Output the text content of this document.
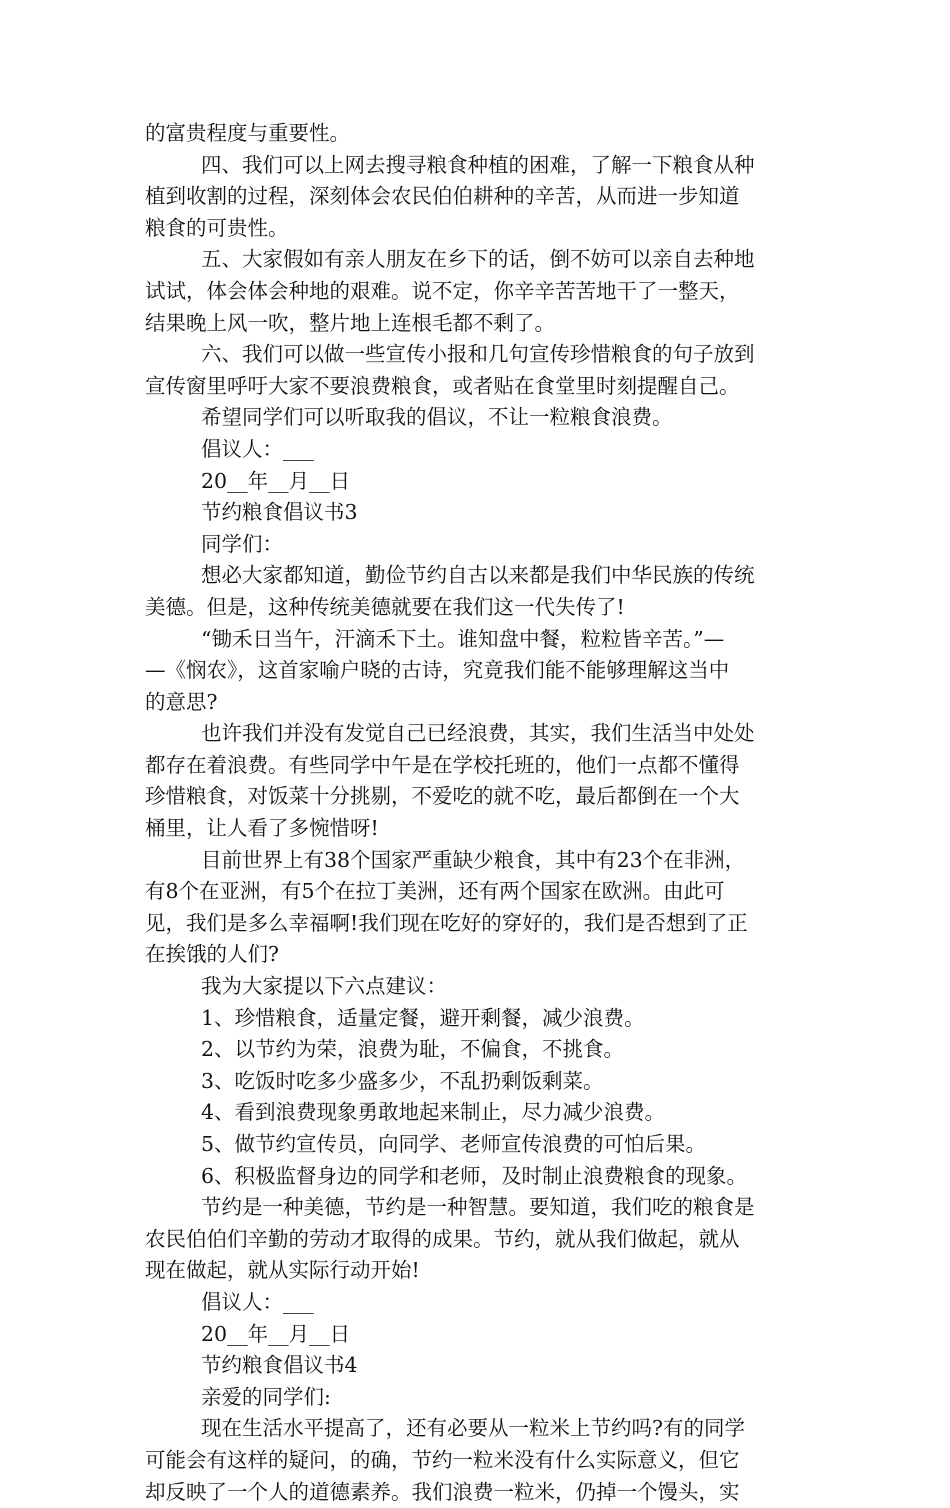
的富贵程度与重要性。
四、我们可以上网去搜寻粮食种植的困难，了解一下粮食从种
植到收割的过程，深刻体会农民伯伯耕种的辛苦，从而进一步知道
粮食的可贵性。
五、大家假如有亲人朋友在乡下的话，倒不妨可以亲自去种地
试试，体会体会种地的艰难。说不定，你辛辛苦苦地干了一整天，
结果晚上风一吹，整片地上连根毛都不剩了。
六、我们可以做一些宣传小报和几句宣传珍惜粮食的句子放到
宣传窗里呼吁大家不要浪费粮食，或者贴在食堂里时刻提醒自己。
希望同学们可以听取我的倡议，不让一粒粮食浪费。
倡议人：___
20__年__月__日
节约粮食倡议书3
同学们：
想必大家都知道，勤俭节约自古以来都是我们中华民族的传统
美德。但是，这种传统美德就要在我们这一代失传了!
“锄禾日当午，汗滴禾下土。谁知盘中餐，粒粒皆辛苦。”—
—《悯农》，这首家喻户晓的古诗，究竟我们能不能够理解这当中
的意思?
也许我们并没有发觉自己已经浪费，其实，我们生活当中处处
都存在着浪费。有些同学中午是在学校托班的，他们一点都不懂得
珍惜粮食，对饭菜十分挑剔，不爱吃的就不吃，最后都倒在一个大
桶里，让人看了多惋惜呀!
目前世界上有38个国家严重缺少粮食，其中有23个在非洲，
有8个在亚洲，有5个在拉丁美洲，还有两个国家在欧洲。由此可
见，我们是多么幸福啊!我们现在吃好的穿好的，我们是否想到了正
在挨饿的人们?
我为大家提以下六点建议：
1、珍惜粮食，适量定餐，避开剩餐，减少浪费。
2、以节约为荣，浪费为耻，不偏食，不挑食。
3、吃饭时吃多少盛多少，不乱扔剩饭剩菜。
4、看到浪费现象勇敢地起来制止，尽力减少浪费。
5、做节约宣传员，向同学、老师宣传浪费的可怕后果。
6、积极监督身边的同学和老师，及时制止浪费粮食的现象。
节约是一种美德，节约是一种智慧。要知道，我们吃的粮食是
农民伯伯们辛勤的劳动才取得的成果。节约，就从我们做起，就从
现在做起，就从实际行动开始!
倡议人：___
20__年__月__日
节约粮食倡议书4
亲爱的同学们:
现在生活水平提高了，还有必要从一粒米上节约吗?有的同学
可能会有这样的疑问，的确，节约一粒米没有什么实际意义，但它
却反映了一个人的道德素养。我们浪费一粒米，仍掉一个馒头，实
